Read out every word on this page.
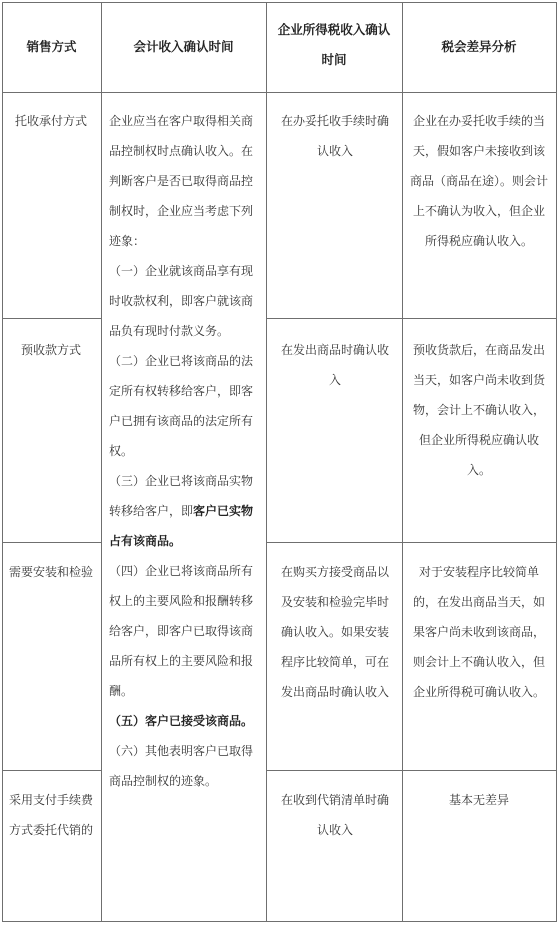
销售方式	会计收入确认时间
企业所得税收入确认时间
税会差异分析
托收承付方式
预收款方式
需要安装和检验
采用支付手续费方式委托代销的

企业应当在客户取得相关商品控制权时点确认收入。在判断客户是否已取得商品控制权时，企业应当考虑下列迹象：

（一）企业就该商品享有现时收款权利，即客户就该商品负有现时付款义务。

（二）企业已将该商品的法定所有权转移给客户，即客户已拥有该商品的法定所有权。

（三）企业已将该商品实物转移给客户，即客户已实物占有该商品。

（四）企业已将该商品所有权上的主要风险和报酬转移给客户，即客户已取得该商品所有权上的主要风险和报酬。

（五）客户已接受该商品。

（六）其他表明客户已取得商品控制权的迹象。

在办妥托收手续时确认收入
在发出商品时确认收入
在购买方接受商品以及安装和检验完毕时确认收入。如果安装程序比较简单，可在发出商品时确认收入
在收到代销清单时确认收入
企业在办妥托收手续的当天，假如客户未接收到该商品（商品在途）。则会计上不确认为收入，但企业所得税应确认收入。
预收货款后，在商品发出当天，如客户尚未收到货物，会计上不确认收入，但企业所得税应确认收入。
对于安装程序比较简单的，在发出商品当天，如果客户尚未收到该商品，则会计上不确认收入，但企业所得税可确认收入。
基本无差异
